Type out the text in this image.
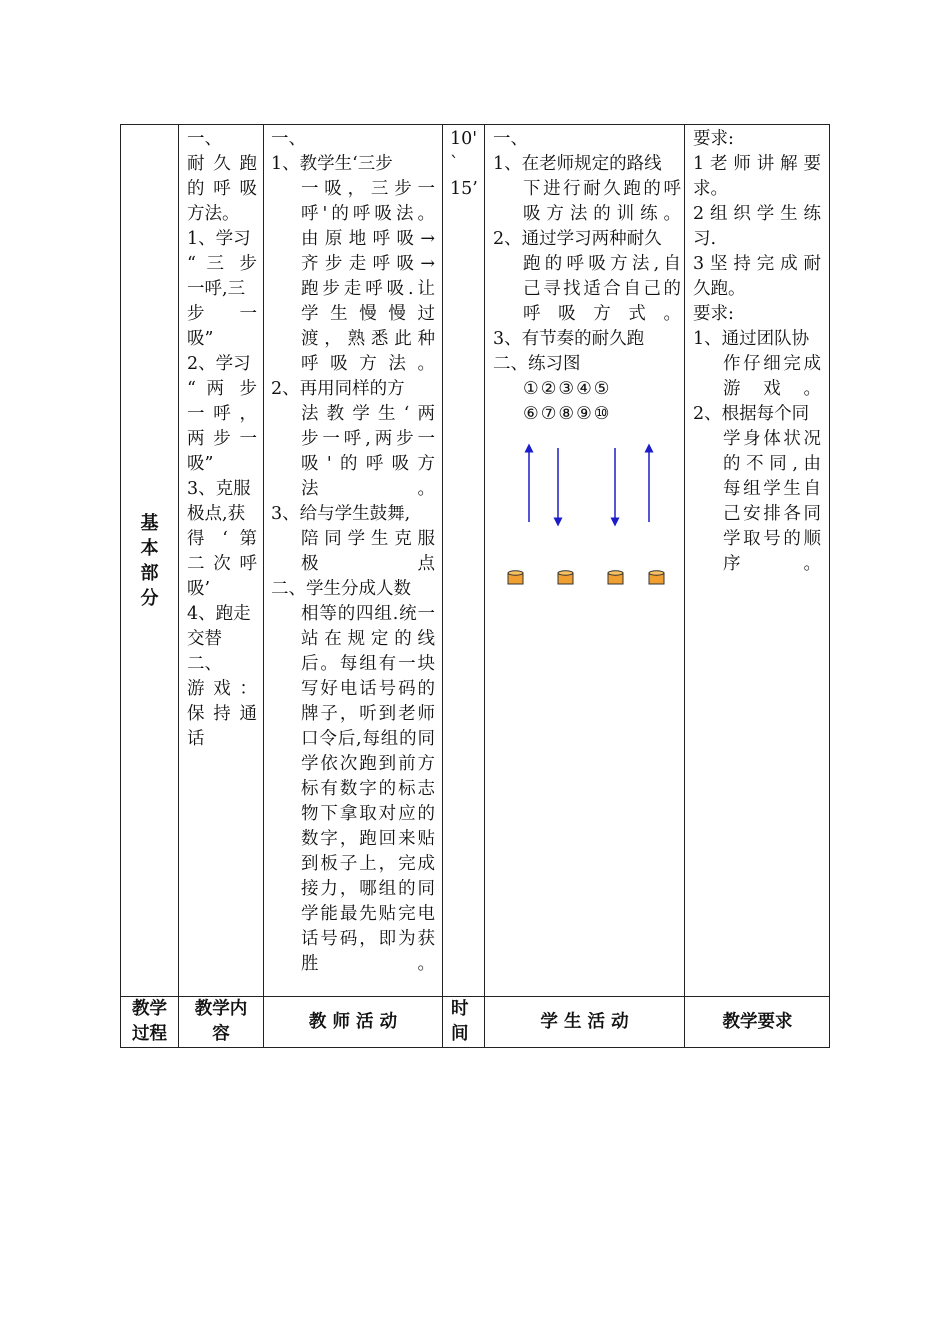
基
本
部
分
一、
耐 久 跑
的 呼 吸
方法。
1、学习
“ 三 步
一呼,三
步 一
吸”
2、学习
“ 两 步
一 呼 ，
两 步 一
吸”
3、克服
极点,获
得 ‘ 第
二 次 呼
吸’
4、跑走
交替
二、
游 戏 ：
保 持 通
话
一、
1、教学生‘三步
一吸，三步一
呼'的呼吸法。
由原地呼吸→
齐步走呼吸→
跑步走呼吸.让
学生慢慢过
渡，熟悉此种
呼吸方法。
2、再用同样的方
法教学生‘两
步一呼,两步一
吸'的呼吸方
法。
3、给与学生鼓舞,
陪同学生克服
极点
二、学生分成人数
相等的四组.统一
站在规定的线
后。每组有一块
写好电话号码的
牌子，听到老师
口令后,每组的同
学依次跑到前方
标有数字的标志
物下拿取对应的
数字，跑回来贴
到板子上，完成
接力，哪组的同
学能最先贴完电
话号码，即为获
胜。
10'
`
15’
一、
1、在老师规定的路线
下进行耐久跑的呼
吸方法的训练。
2、通过学习两种耐久
跑的呼吸方法,自
己寻找适合自己的
呼吸方式。
3、有节奏的耐久跑
二、练习图
①②③④⑤
⑥⑦⑧⑨⑩
要求:
1老师讲解要
求。
2组织学生练
习.
3坚持完成耐
久跑。
要求:
1、通过团队协
作仔细完成
游戏。
2、根据每个同
学身体状况
的不同,由
每组学生自
己安排各同
学取号的顺
序。
教学
过程
教学内
容
教 师 活 动
时
间
学 生 活 动	教学要求
